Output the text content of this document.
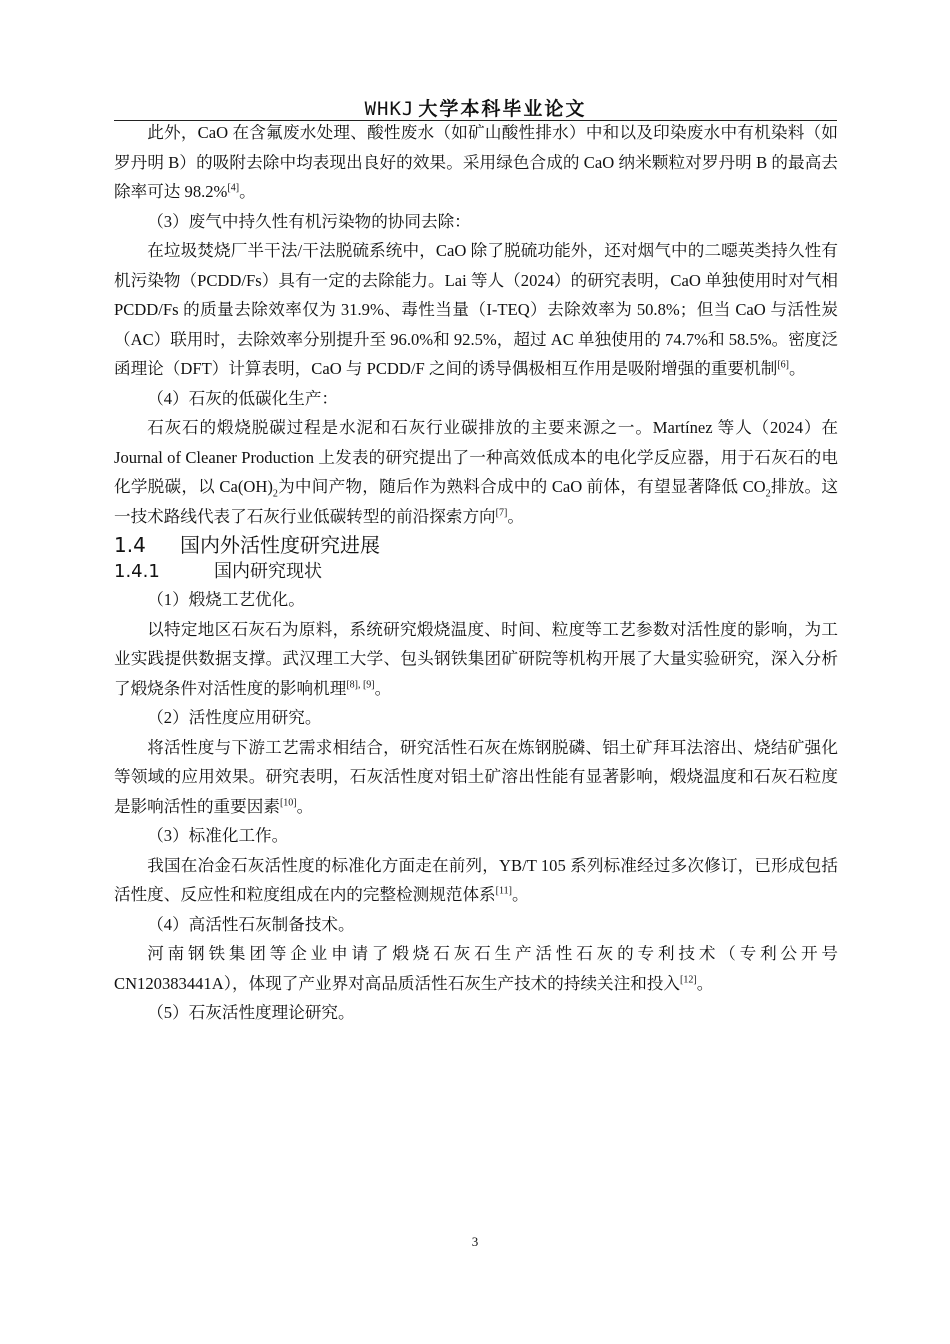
WHKJ 大学本科毕业论文

此外，CaO 在含氟废水处理、酸性废水（如矿山酸性排水）中和以及印染废水中有机染料（如罗丹明 B）的吸附去除中均表现出良好的效果。采用绿色合成的 CaO 纳米颗粒对罗丹明 B 的最高去除率可达 98.2%[4]。

（3）废气中持久性有机污染物的协同去除：

在垃圾焚烧厂半干法/干法脱硫系统中，CaO 除了脱硫功能外，还对烟气中的二噁英类持久性有机污染物（PCDD/Fs）具有一定的去除能力。Lai 等人（2024）的研究表明，CaO 单独使用时对气相 PCDD/Fs 的质量去除效率仅为 31.9%、毒性当量（I-TEQ）去除效率为 50.8%；但当 CaO 与活性炭（AC）联用时，去除效率分别提升至 96.0%和 92.5%，超过 AC 单独使用的 74.7%和 58.5%。密度泛函理论（DFT）计算表明，CaO 与 PCDD/F 之间的诱导偶极相互作用是吸附增强的重要机制[6]。

（4）石灰的低碳化生产：

石灰石的煅烧脱碳过程是水泥和石灰行业碳排放的主要来源之一。Martínez 等人（2024）在 Journal of Cleaner Production 上发表的研究提出了一种高效低成本的电化学反应器，用于石灰石的电化学脱碳，以 $Ca(OH)_2$为中间产物，随后作为熟料合成中的 CaO 前体，有望显著降低 $CO_2$排放。这一技术路线代表了石灰行业低碳转型的前沿探索方向[7]。

1.4 国内外活性度研究进展

1.4.1	国内研究现状

（1）煅烧工艺优化。

以特定地区石灰石为原料，系统研究煅烧温度、时间、粒度等工艺参数对活性度的影响，为工业实践提供数据支撑。武汉理工大学、包头钢铁集团矿研院等机构开展了大量实验研究，深入分析了煅烧条件对活性度的影响机理[8], [9]。

（2）活性度应用研究。

将活性度与下游工艺需求相结合，研究活性石灰在炼钢脱磷、铝土矿拜耳法溶出、烧结矿强化等领域的应用效果。研究表明，石灰活性度对铝土矿溶出性能有显著影响，煅烧温度和石灰石粒度是影响活性的重要因素[10]。

（3）标准化工作。

我国在冶金石灰活性度的标准化方面走在前列，YB/T 105 系列标准经过多次修订，已形成包括活性度、反应性和粒度组成在内的完整检测规范体系[11]。

（4）高活性石灰制备技术。

河南钢铁集团等企业申请了煅烧石灰石生产活性石灰的专利技术（专利公开号 CN120383441A），体现了产业界对高品质活性石灰生产技术的持续关注和投入[12]。

（5）石灰活性度理论研究。

3
